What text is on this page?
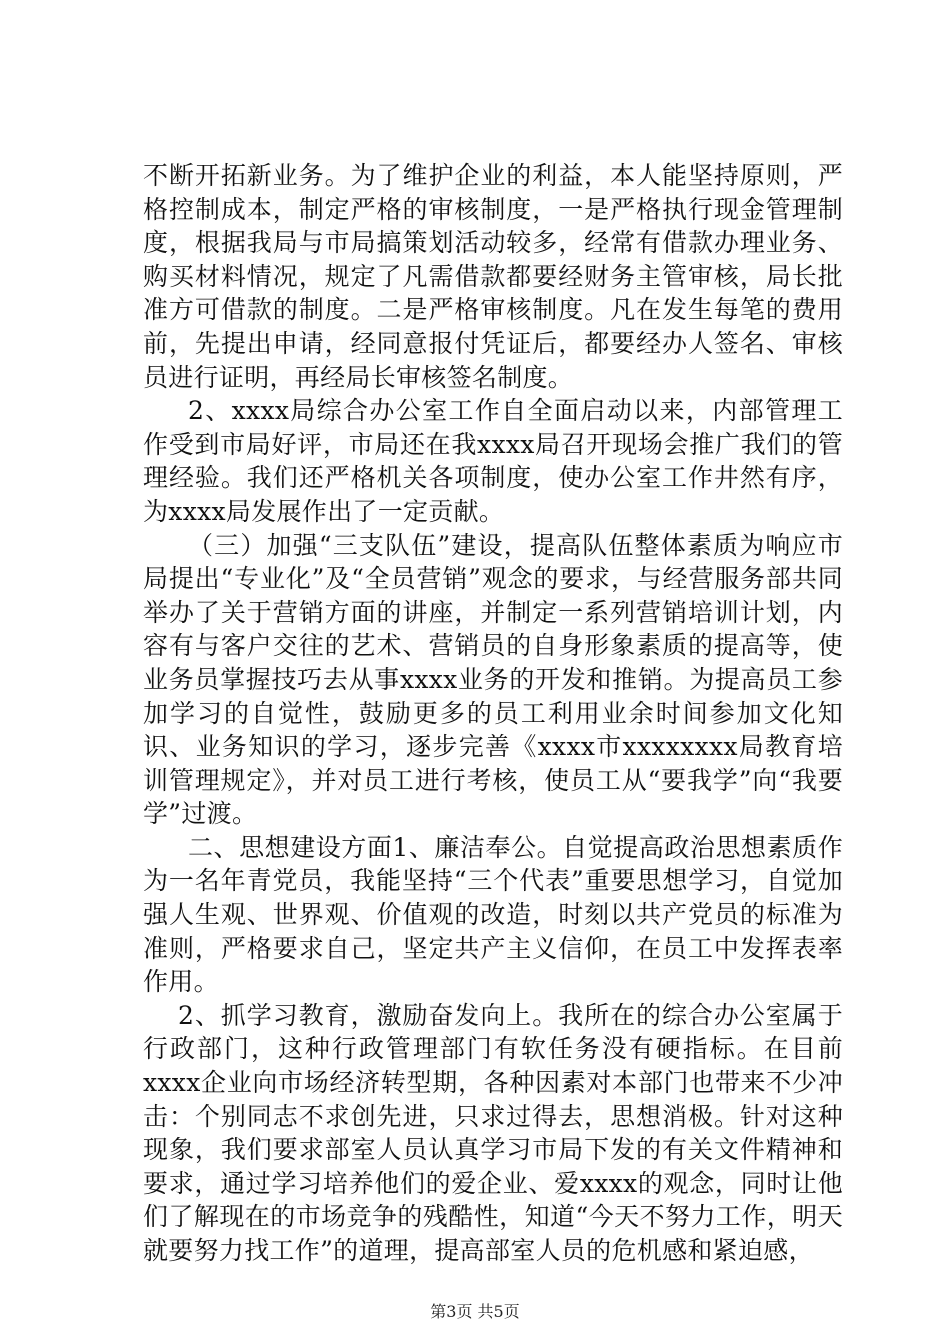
不断开拓新业务。为了维护企业的利益，本人能坚持原则，严格控制成本，制定严格的审核制度，一是严格执行现金管理制度，根据我局与市局搞策划活动较多，经常有借款办理业务、购买材料情况，规定了凡需借款都要经财务主管审核，局长批准方可借款的制度。二是严格审核制度。凡在发生每笔的费用前，先提出申请，经同意报付凭证后，都要经办人签名、审核员进行证明，再经局长审核签名制度。

2、xxxx局综合办公室工作自全面启动以来，内部管理工作受到市局好评，市局还在我xxxx局召开现场会推广我们的管理经验。我们还严格机关各项制度，使办公室工作井然有序，为xxxx局发展作出了一定贡献。

（三）加强“三支队伍”建设，提高队伍整体素质为响应市局提出“专业化”及“全员营销”观念的要求，与经营服务部共同举办了关于营销方面的讲座，并制定一系列营销培训计划，内容有与客户交往的艺术、营销员的自身形象素质的提高等，使业务员掌握技巧去从事xxxx业务的开发和推销。为提高员工参加学习的自觉性，鼓励更多的员工利用业余时间参加文化知识、业务知识的学习，逐步完善《xxxx市xxxxxxxx局教育培训管理规定》，并对员工进行考核，使员工从“要我学”向“我要学”过渡。

二、思想建设方面1、廉洁奉公。自觉提高政治思想素质作为一名年青党员，我能坚持“三个代表”重要思想学习，自觉加强人生观、世界观、价值观的改造，时刻以共产党员的标准为准则，严格要求自己，坚定共产主义信仰，在员工中发挥表率作用。

2、抓学习教育，激励奋发向上。我所在的综合办公室属于行政部门，这种行政管理部门有软任务没有硬指标。在目前xxxx企业向市场经济转型期，各种因素对本部门也带来不少冲击：个别同志不求创先进，只求过得去，思想消极。针对这种现象，我们要求部室人员认真学习市局下发的有关文件精神和要求，通过学习培养他们的爱企业、爱xxxx的观念，同时让他们了解现在的市场竞争的残酷性，知道“今天不努力工作，明天就要努力找工作”的道理，提高部室人员的危机感和紧迫感，

第3页 共5页
